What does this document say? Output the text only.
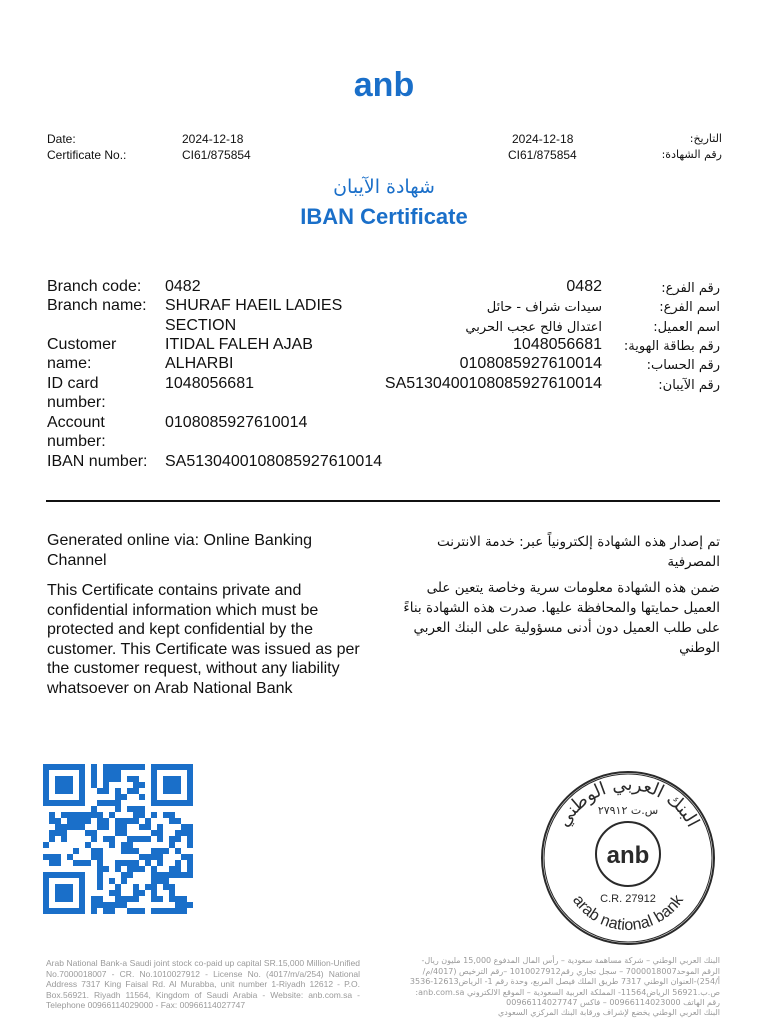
anb
Date:
Certificate No.:
2024-12-18
CI61/875854
2024-12-18
CI61/875854
التاريخ:
رقم الشهادة:
شهادة الآيبان
IBAN Certificate
Branch code:
Branch name:
Customer
name:
ID card
number:
Account
number:
IBAN number:
0482
SHURAF HAEIL LADIES
SECTION
ITIDAL FALEH AJAB
ALHARBI
1048056681
0108085927610014
SA5130400108085927610014
0482
سيدات شراف - حائل
اعتدال فالح عجب الحربي
1048056681
0108085927610014
SA5130400108085927610014
رقم الفرع:
اسم الفرع:
اسم العميل:
رقم بطاقة الهوية:
رقم الحساب:
رقم الآيبان:
Generated online via: Online Banking Channel
This Certificate contains private and confidential information which must be protected and kept confidential by the customer. This Certificate was issued as per the customer request, without any liability whatsoever on Arab National Bank
تم إصدار هذه الشهادة إلكترونياً عبر: خدمة الانترنت المصرفية
ضمن هذه الشهادة معلومات سرية وخاصة يتعين على العميل حمايتها والمحافظة عليها. صدرت هذه الشهادة بناءً على طلب العميل دون أدنى مسؤولية على البنك العربي الوطني
البنك العربي الوطني
س.ت ٢٧٩١٢
anb
C.R. 27912
arab national bank
Arab National Bank-a Saudi joint stock co-paid up capital SR.15,000 Million-Unified No.7000018007 - CR. No.1010027912 - License No. (4017/m/a/254) National Address 7317 King Faisal Rd. Al Murabba, unit number 1-Riyadh 12612 - P.O. Box.56921. Riyadh 11564, Kingdom of Saudi Arabia - Website: anb.com.sa - Telephone 00966114029000 - Fax: 00966114027747
البنك العربي الوطني – شركة مساهمة سعودية – رأس المال المدفوع 15,000 مليون ريال-الرقم الموحد7000018007 – سجل تجاري رقم1010027912 –رقم الترخيص (4017/م/أ/254)-العنوان الوطني 7317 طريق الملك فيصل المربع، وحدة رقم 1- الرياض12613-3536 ص.ب.56921 الرياض11564- المملكة العربية السعودية – الموقع الالكتروني anb.com.sa: رقم الهاتف 00966114023000 – فاكس 00966114027747
البنك العربي الوطني يخضع لإشراف ورقابة البنك المركزي السعودي
